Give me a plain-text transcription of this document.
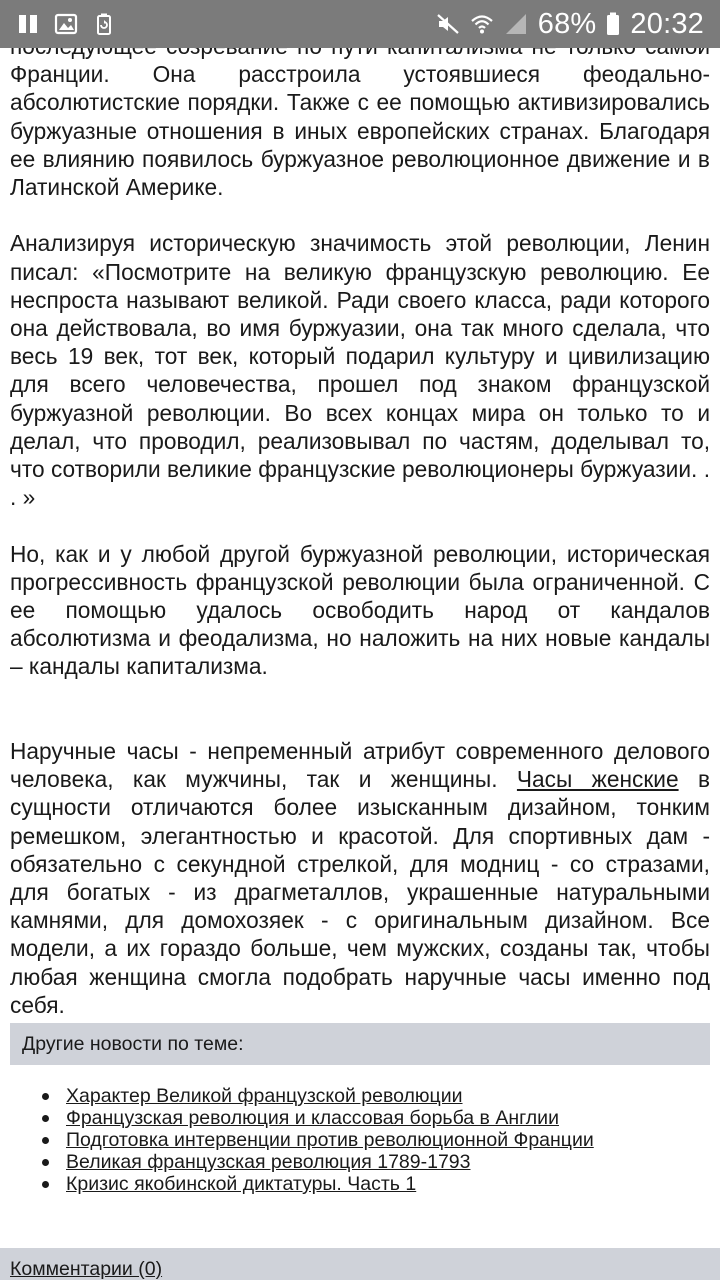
68% 20:32

Франции. Она расстроила устоявшиеся феодально-абсолютистские порядки. Также с ее помощью активизировались буржуазные отношения в иных европейских странах. Благодаря ее влиянию появилось буржуазное революционное движение и в Латинской Америке.

Анализируя историческую значимость этой революции, Ленин писал: «Посмотрите на великую французскую революцию. Ее неспроста называют великой. Ради своего класса, ради которого она действовала, во имя буржуазии, она так много сделала, что весь 19 век, тот век, который подарил культуру и цивилизацию для всего человечества, прошел под знаком французской буржуазной революции. Во всех концах мира он только то и делал, что проводил, реализовывал по частям, доделывал то, что сотворили великие французские революционеры буржуазии. . . »

Но, как и у любой другой буржуазной революции, историческая прогрессивность французской революции была ограниченной. С ее помощью удалось освободить народ от кандалов абсолютизма и феодализма, но наложить на них новые кандалы – кандалы капитализма.

Наручные часы - непременный атрибут современного делового человека, как мужчины, так и женщины. Часы женские в сущности отличаются более изысканным дизайном, тонким ремешком, элегантностью и красотой. Для спортивных дам - обязательно с секундной стрелкой, для модниц - со стразами, для богатых - из драгметаллов, украшенные натуральными камнями, для домохозяек - с оригинальным дизайном. Все модели, а их гораздо больше, чем мужских, созданы так, чтобы любая женщина смогла подобрать наручные часы именно под себя.

Другие новости по теме:
Характер Великой французской революции
Французская революция и классовая борьба в Англии
Подготовка интервенции против революционной Франции
Великая французская революция 1789-1793
Кризис якобинской диктатуры. Часть 1
Комментарии (0)
